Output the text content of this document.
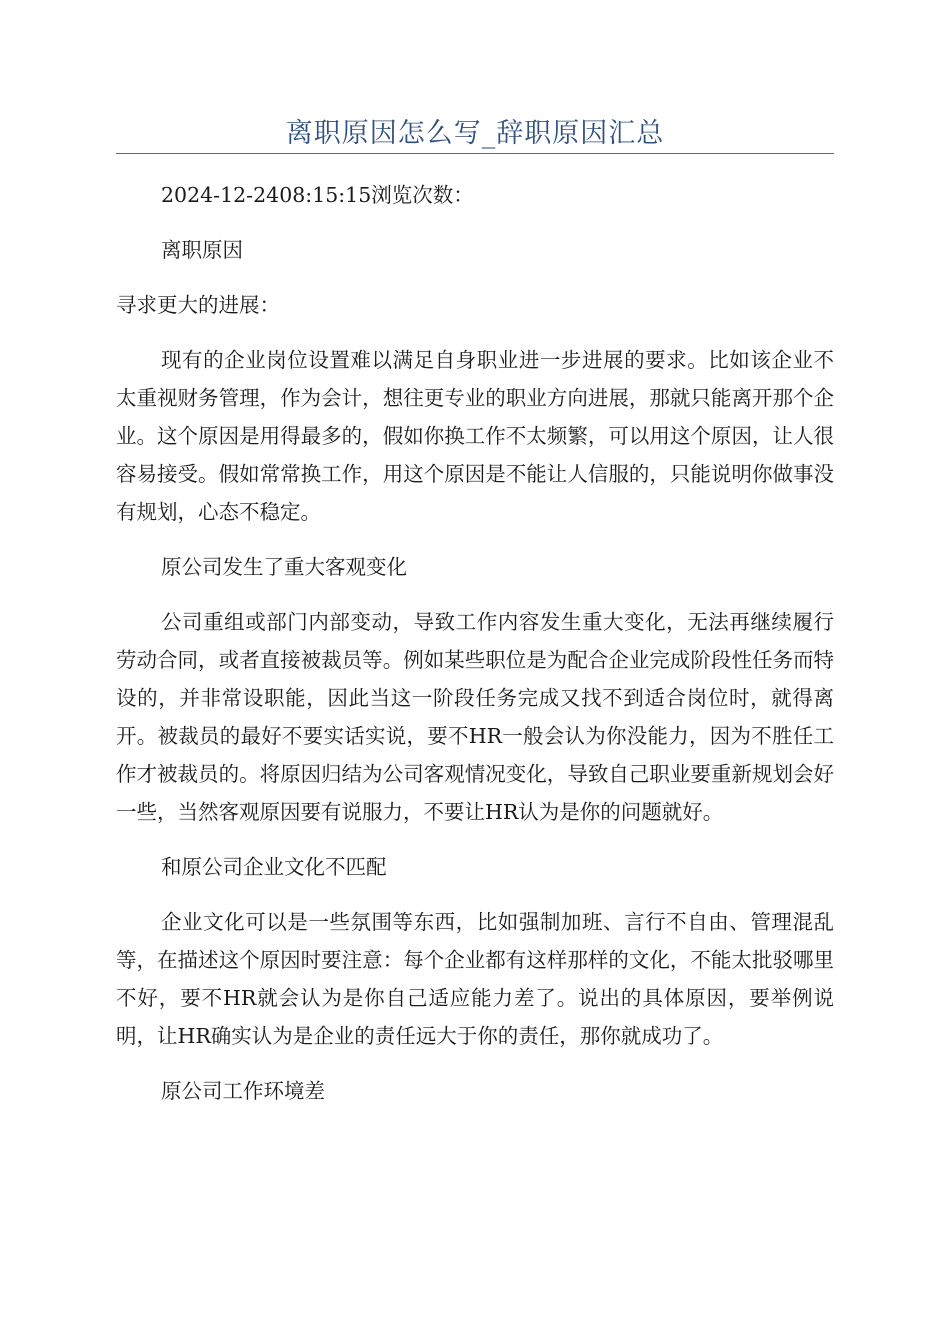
离职原因怎么写_辞职原因汇总

2024-12-2408:15:15浏览次数：

离职原因

寻求更大的进展：

现有的企业岗位设置难以满足自身职业进一步进展的要求。比如该企业不太重视财务管理，作为会计，想往更专业的职业方向进展，那就只能离开那个企业。这个原因是用得最多的，假如你换工作不太频繁，可以用这个原因，让人很容易接受。假如常常换工作，用这个原因是不能让人信服的，只能说明你做事没有规划，心态不稳定。

原公司发生了重大客观变化

公司重组或部门内部变动，导致工作内容发生重大变化，无法再继续履行劳动合同，或者直接被裁员等。例如某些职位是为配合企业完成阶段性任务而特设的，并非常设职能，因此当这一阶段任务完成又找不到适合岗位时，就得离开。被裁员的最好不要实话实说，要不HR一般会认为你没能力，因为不胜任工作才被裁员的。将原因归结为公司客观情况变化，导致自己职业要重新规划会好一些，当然客观原因要有说服力，不要让HR认为是你的问题就好。

和原公司企业文化不匹配

企业文化可以是一些氛围等东西，比如强制加班、言行不自由、管理混乱等，在描述这个原因时要注意：每个企业都有这样那样的文化，不能太批驳哪里不好，要不HR就会认为是你自己适应能力差了。说出的具体原因，要举例说明，让HR确实认为是企业的责任远大于你的责任，那你就成功了。

原公司工作环境差
